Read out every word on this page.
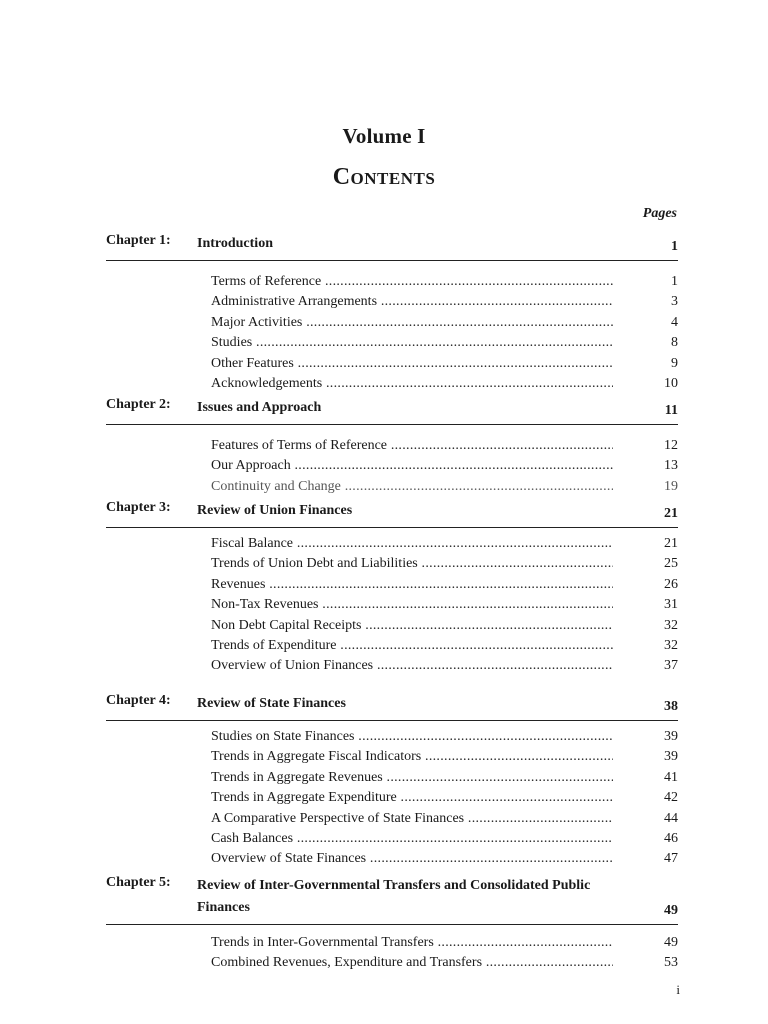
Volume I
Contents
Pages
Chapter 1: Introduction	1
Terms of Reference .....	1
Administrative Arrangements .....	3
Major Activities .....	4
Studies .....	8
Other Features .....	9
Acknowledgements .....	10
Chapter 2: Issues and Approach	11
Features of Terms of Reference .....	12
Our Approach .....	13
Continuity and Change .....	19
Chapter 3: Review of Union Finances	21
Fiscal Balance .....	21
Trends of Union Debt and Liabilities .....	25
Revenues .....	26
Non-Tax Revenues .....	31
Non Debt Capital Receipts .....	32
Trends of Expenditure .....	32
Overview of Union Finances .....	37
Chapter 4: Review of State Finances	38
Studies on State Finances .....	39
Trends in Aggregate Fiscal Indicators .....	39
Trends in Aggregate Revenues .....	41
Trends in Aggregate Expenditure .....	42
A Comparative Perspective of State Finances .....	44
Cash Balances .....	46
Overview of State Finances .....	47
Chapter 5: Review of Inter-Governmental Transfers and Consolidated Public Finances	49
Trends in Inter-Governmental Transfers .....	49
Combined Revenues, Expenditure and Transfers .....	53
i
